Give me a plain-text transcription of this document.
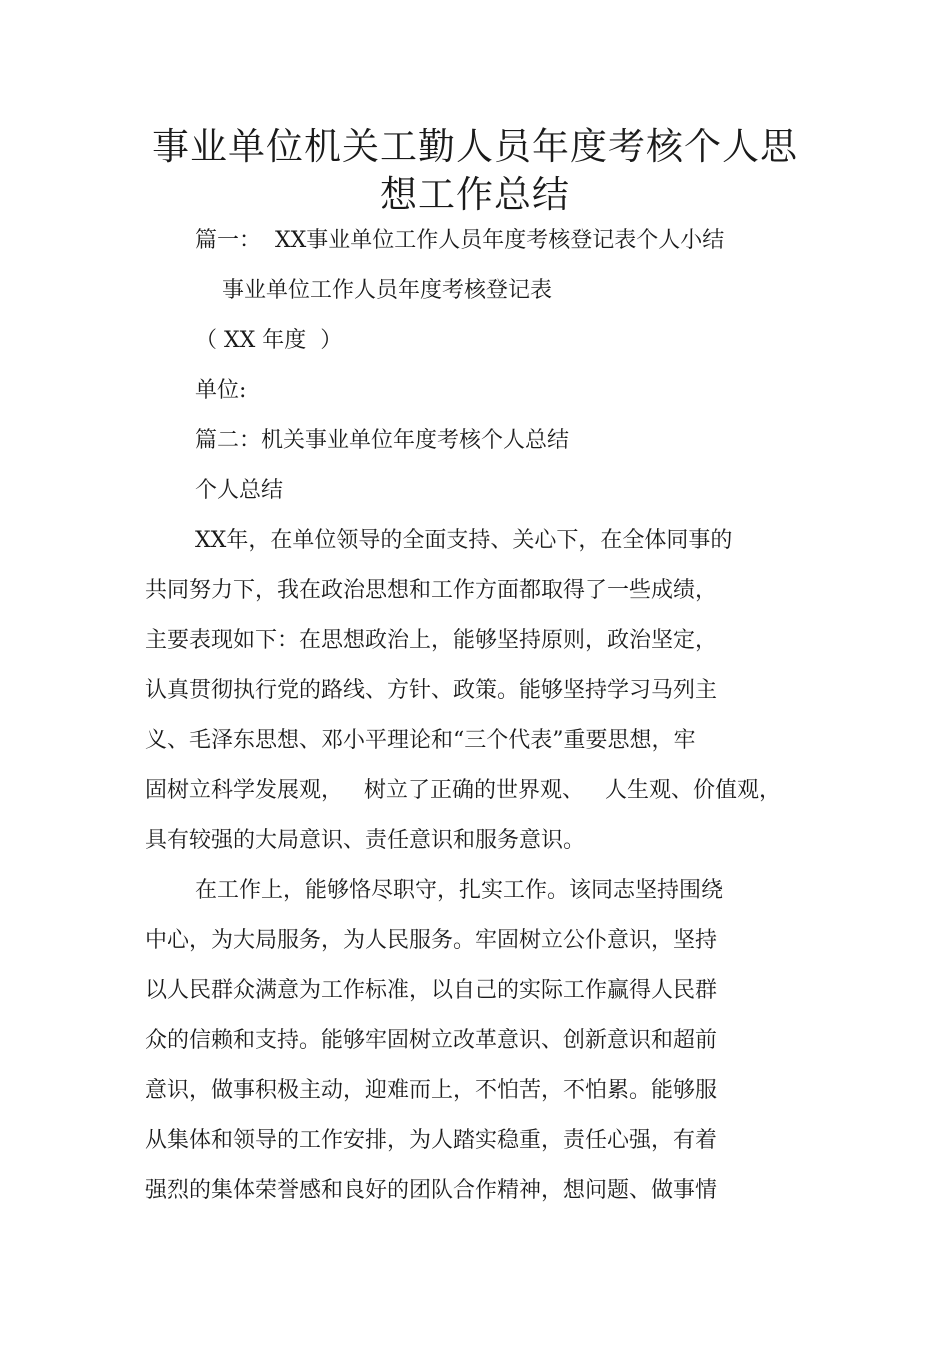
事业单位机关工勤人员年度考核个人思
想工作总结
篇一：  XX事业单位工作人员年度考核登记表个人小结
事业单位工作人员年度考核登记表
（ XX 年度  ）
单位:
篇二：机关事业单位年度考核个人总结
个人总结
XX年，在单位领导的全面支持、关心下，在全体同事的
共同努力下，我在政治思想和工作方面都取得了一些成绩，
主要表现如下：在思想政治上，能够坚持原则，政治坚定，
认真贯彻执行党的路线、方针、政策。能够坚持学习马列主
义、毛泽东思想、邓小平理论和“三个代表”重要思想，牢
固树立科学发展观，   树立了正确的世界观、   人生观、价值观，
具有较强的大局意识、责任意识和服务意识。
在工作上，能够恪尽职守，扎实工作。该同志坚持围绕
中心，为大局服务，为人民服务。牢固树立公仆意识，坚持
以人民群众满意为工作标准，以自己的实际工作赢得人民群
众的信赖和支持。能够牢固树立改革意识、创新意识和超前
意识，做事积极主动，迎难而上，不怕苦，不怕累。能够服
从集体和领导的工作安排，为人踏实稳重，责任心强，有着
强烈的集体荣誉感和良好的团队合作精神，想问题、做事情
